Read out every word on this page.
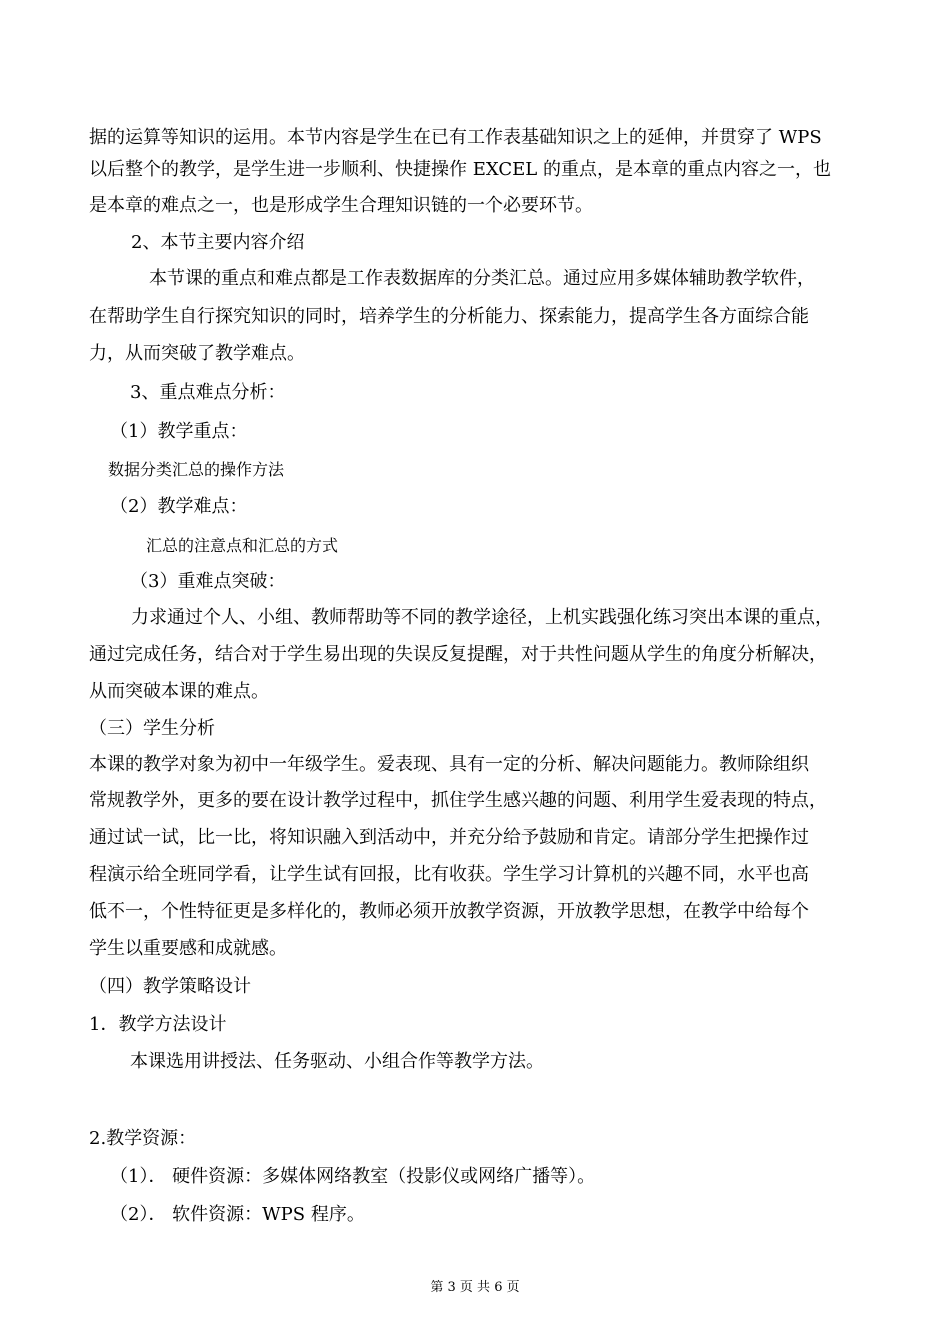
据的运算等知识的运用。本节内容是学生在已有工作表基础知识之上的延伸，并贯穿了 WPS
以后整个的教学，是学生进一步顺利、快捷操作 EXCEL 的重点，是本章的重点内容之一，也
是本章的难点之一，也是形成学生合理知识链的一个必要环节。
2、本节主要内容介绍
本节课的重点和难点都是工作表数据库的分类汇总。通过应用多媒体辅助教学软件，
在帮助学生自行探究知识的同时，培养学生的分析能力、探索能力，提高学生各方面综合能
力，从而突破了教学难点。
3、重点难点分析：
（1）教学重点：
数据分类汇总的操作方法
（2）教学难点：
汇总的注意点和汇总的方式
（3）重难点突破：
力求通过个人、小组、教师帮助等不同的教学途径，上机实践强化练习突出本课的重点，
通过完成任务，结合对于学生易出现的失误反复提醒，对于共性问题从学生的角度分析解决，
从而突破本课的难点。
（三）学生分析
本课的教学对象为初中一年级学生。爱表现、具有一定的分析、解决问题能力。教师除组织
常规教学外，更多的要在设计教学过程中，抓住学生感兴趣的问题、利用学生爱表现的特点，
通过试一试，比一比，将知识融入到活动中，并充分给予鼓励和肯定。请部分学生把操作过
程演示给全班同学看，让学生试有回报，比有收获。学生学习计算机的兴趣不同，水平也高
低不一，个性特征更是多样化的，教师必须开放教学资源，开放教学思想，在教学中给每个
学生以重要感和成就感。
（四）教学策略设计
1．教学方法设计
本课选用讲授法、任务驱动、小组合作等教学方法。
2.教学资源：
（1）． 硬件资源：多媒体网络教室（投影仪或网络广播等）。
（2）． 软件资源：WPS 程序。
第 3 页 共 6 页
